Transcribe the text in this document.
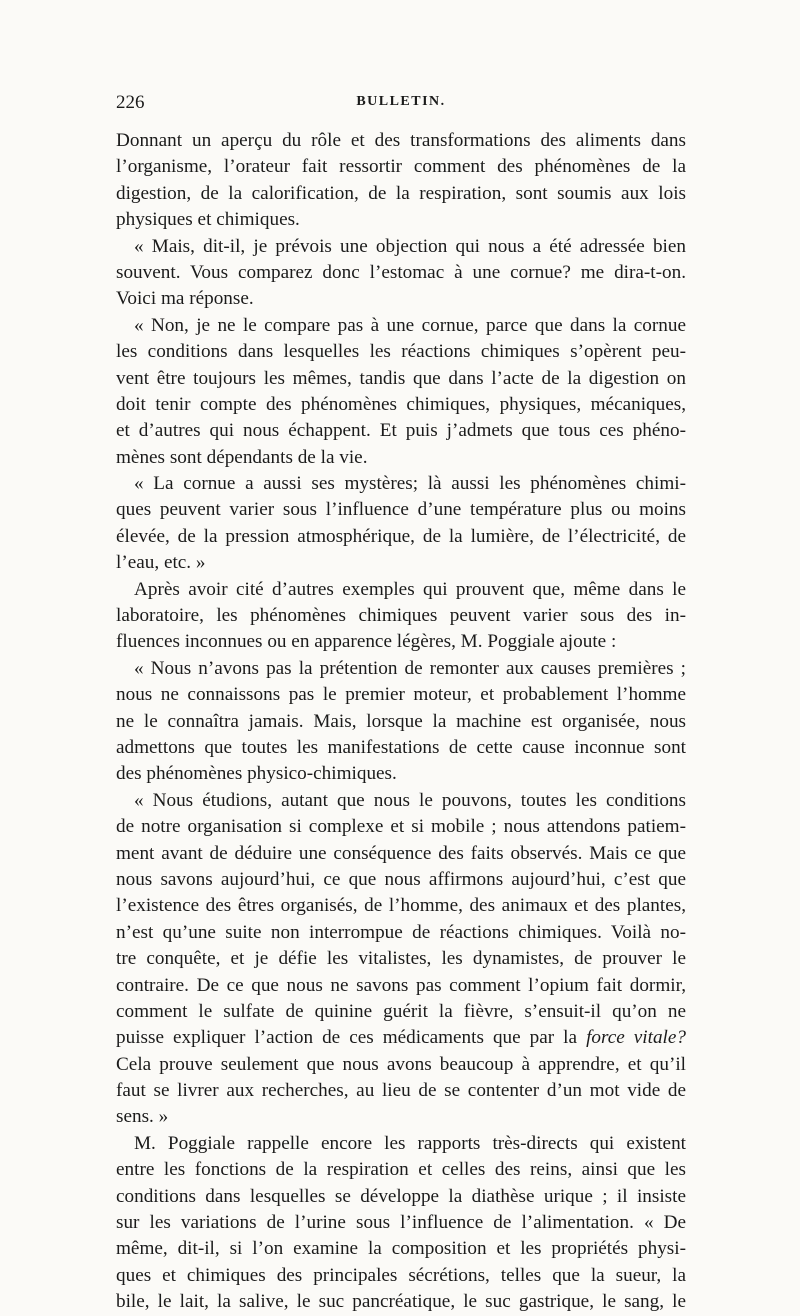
226	BULLETIN.
Donnant un aperçu du rôle et des transformations des aliments dans
l’organisme, l’orateur fait ressortir comment des phénomènes de la
digestion, de la calorification, de la respiration, sont soumis aux lois
physiques et chimiques.
« Mais, dit-il, je prévois une objection qui nous a été adressée bien
souvent. Vous comparez donc l’estomac à une cornue? me dira-t-on.
Voici ma réponse.
« Non, je ne le compare pas à une cornue, parce que dans la cornue
les conditions dans lesquelles les réactions chimiques s’opèrent peu-
vent être toujours les mêmes, tandis que dans l’acte de la digestion on
doit tenir compte des phénomènes chimiques, physiques, mécaniques,
et d’autres qui nous échappent. Et puis j’admets que tous ces phéno-
mènes sont dépendants de la vie.
« La cornue a aussi ses mystères; là aussi les phénomènes chimi-
ques peuvent varier sous l’influence d’une température plus ou moins
élevée, de la pression atmosphérique, de la lumière, de l’électricité, de
l’eau, etc. »
Après avoir cité d’autres exemples qui prouvent que, même dans le
laboratoire, les phénomènes chimiques peuvent varier sous des in-
fluences inconnues ou en apparence légères, M. Poggiale ajoute :
« Nous n’avons pas la prétention de remonter aux causes premières ;
nous ne connaissons pas le premier moteur, et probablement l’homme
ne le connaîtra jamais. Mais, lorsque la machine est organisée, nous
admettons que toutes les manifestations de cette cause inconnue sont
des phénomènes physico-chimiques.
« Nous étudions, autant que nous le pouvons, toutes les conditions
de notre organisation si complexe et si mobile ; nous attendons patiem-
ment avant de déduire une conséquence des faits observés. Mais ce que
nous savons aujourd’hui, ce que nous affirmons aujourd’hui, c’est que
l’existence des êtres organisés, de l’homme, des animaux et des plantes,
n’est qu’une suite non interrompue de réactions chimiques. Voilà no-
tre conquête, et je défie les vitalistes, les dynamistes, de prouver le
contraire. De ce que nous ne savons pas comment l’opium fait dormir,
comment le sulfate de quinine guérit la fièvre, s’ensuit-il qu’on ne
puisse expliquer l’action de ces médicaments que par la force vitale?
Cela prouve seulement que nous avons beaucoup à apprendre, et qu’il
faut se livrer aux recherches, au lieu de se contenter d’un mot vide de
sens. »
M. Poggiale rappelle encore les rapports très-directs qui existent
entre les fonctions de la respiration et celles des reins, ainsi que les
conditions dans lesquelles se développe la diathèse urique ; il insiste
sur les variations de l’urine sous l’influence de l’alimentation. « De
même, dit-il, si l’on examine la composition et les propriétés physi-
ques et chimiques des principales sécrétions, telles que la sueur, la
bile, le lait, la salive, le suc pancréatique, le suc gastrique, le sang, le
